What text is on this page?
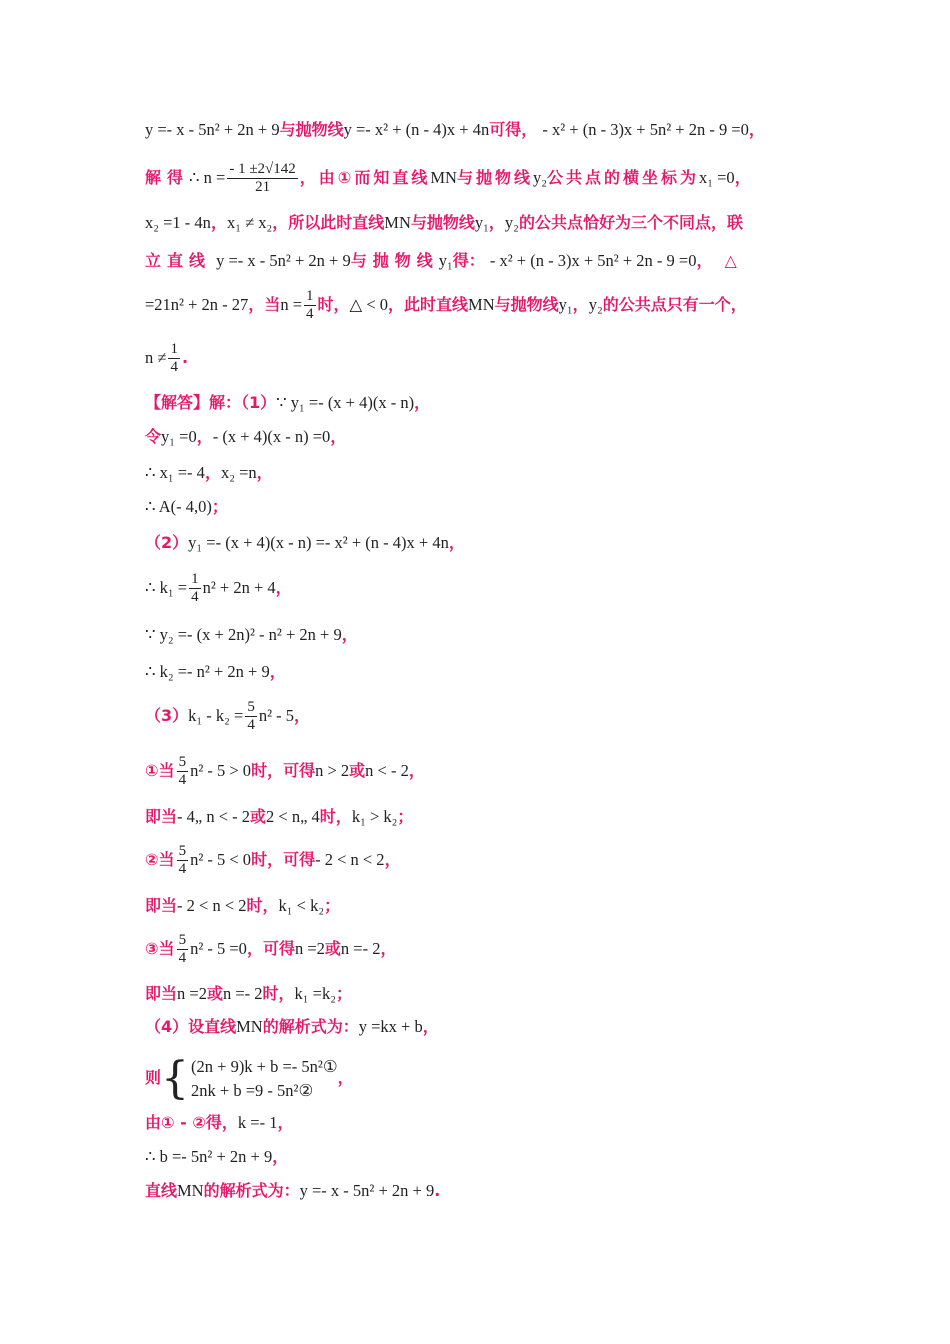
y =- x - 5n² + 2n + 9与抛物线y =- x² + (n - 4)x + 4n可得， - x² + (n - 3)x + 5n² + 2n - 9 =0，
解得∴ $n = \frac{- 1 \pm 2√142}{21}$ ，由①而知直线MN与抛物线y₂公共点的横坐标为x₁ =0，
x₂ =1 - 4n，x₁ ≠ x₂，所以此时直线MN与抛物线y₁，y₂的公共点恰好为三个不同点，联
立直线 y =- x - 5n² + 2n + 9与抛物线y₁得： - x² + (n - 3)x + 5n² + 2n - 9 =0，△
=21n² + 2n - 27，当$n = \frac{1}{4}$ 时，△ < 0，此时直线MN与抛物线y₁，y₂的公共点只有一个，
$n \ne \frac{1}{4}$ .
【解答】解：（1）∵ y₁ =- (x + 4)(x - n)，
令y₁ =0，- (x + 4)(x - n) =0，
∴ x₁ =- 4，x₂ =n，
∴ A(- 4,0)；
（2）y₁ =- (x + 4)(x - n) =- x² + (n - 4)x + 4n，
∴ $k_1 = \frac{1}{4} n^2 + 2n + 4$，
∵ y₂ =- (x + 2n)² - n² + 2n + 9，
∴ k₂ =- n² + 2n + 9，
$(3)k_1 - k_2 = \frac{5}{4} n^2 - 5$，
①当 $\frac{5}{4} n^2 - 5 > 0$时，可得n > 2或n < - 2，
即当- 4„ n < - 2或2 < n„ 4时，k₁ > k₂；
②当 $\frac{5}{4} n^2 - 5 < 0$时，可得- 2 < n < 2，
即当- 2 < n < 2时，k₁ < k₂；
③当 $\frac{5}{4} n^2 - 5 =0$，可得n =2或n =- 2，
即当n =2或n =- 2时，k₁ =k₂；
（4）设直线MN的解析式为：y =kx + b，
则{ (2n + 9)k + b =- 5n²①
2nk + b =9 - 5n²②
，
由① - ②得，k =- 1，
∴ b =- 5n² + 2n + 9，
直线MN的解析式为：y =- x - 5n² + 2n + 9.
